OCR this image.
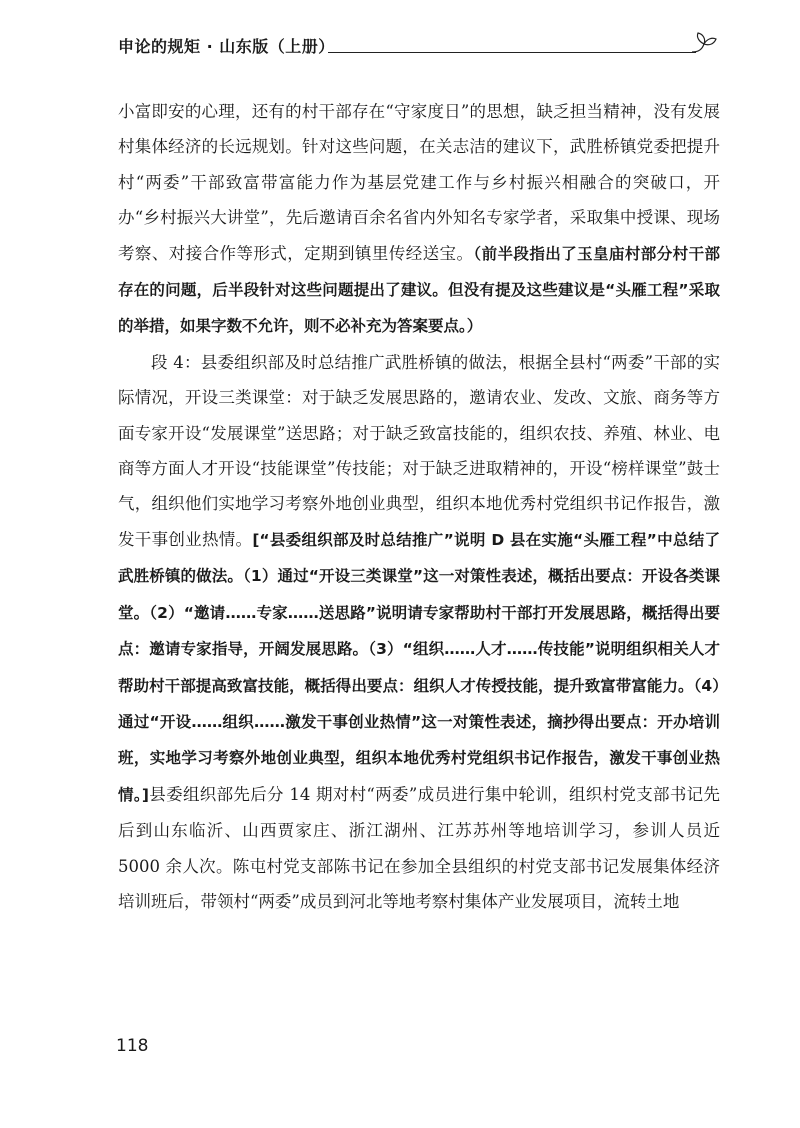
申论的规矩 · 山东版（上册）

小富即安的心理，还有的村干部存在“守家度日”的思想，缺乏担当精神，没有发展村集体经济的长远规划。针对这些问题，在关志洁的建议下，武胜桥镇党委把提升村“两委”干部致富带富能力作为基层党建工作与乡村振兴相融合的突破口，开办“乡村振兴大讲堂”，先后邀请百余名省内外知名专家学者，采取集中授课、现场考察、对接合作等形式，定期到镇里传经送宝。（前半段指出了玉皇庙村部分村干部存在的问题，后半段针对这些问题提出了建议。但没有提及这些建议是“头雁工程”采取的举措，如果字数不允许，则不必补充为答案要点。）

段 4：县委组织部及时总结推广武胜桥镇的做法，根据全县村“两委”干部的实际情况，开设三类课堂：对于缺乏发展思路的，邀请农业、发改、文旅、商务等方面专家开设“发展课堂”送思路；对于缺乏致富技能的，组织农技、养殖、林业、电商等方面人才开设“技能课堂”传技能；对于缺乏进取精神的，开设“榜样课堂”鼓士气，组织他们实地学习考察外地创业典型，组织本地优秀村党组织书记作报告，激发干事创业热情。[“县委组织部及时总结推广”说明 D 县在实施“头雁工程”中总结了武胜桥镇的做法。（1）通过“开设三类课堂”这一对策性表述，概括出要点：开设各类课堂。（2）“邀请……专家……送思路”说明请专家帮助村干部打开发展思路，概括得出要点：邀请专家指导，开阔发展思路。（3）“组织……人才……传技能”说明组织相关人才帮助村干部提高致富技能，概括得出要点：组织人才传授技能，提升致富带富能力。（4）通过“开设……组织……激发干事创业热情”这一对策性表述，摘抄得出要点：开办培训班，实地学习考察外地创业典型，组织本地优秀村党组织书记作报告，激发干事创业热情。]县委组织部先后分 14 期对村“两委”成员进行集中轮训，组织村党支部书记先后到山东临沂、山西贾家庄、浙江湖州、江苏苏州等地培训学习，参训人员近 5000 余人次。陈屯村党支部陈书记在参加全县组织的村党支部书记发展集体经济培训班后，带领村“两委”成员到河北等地考察村集体产业发展项目，流转土地

118
